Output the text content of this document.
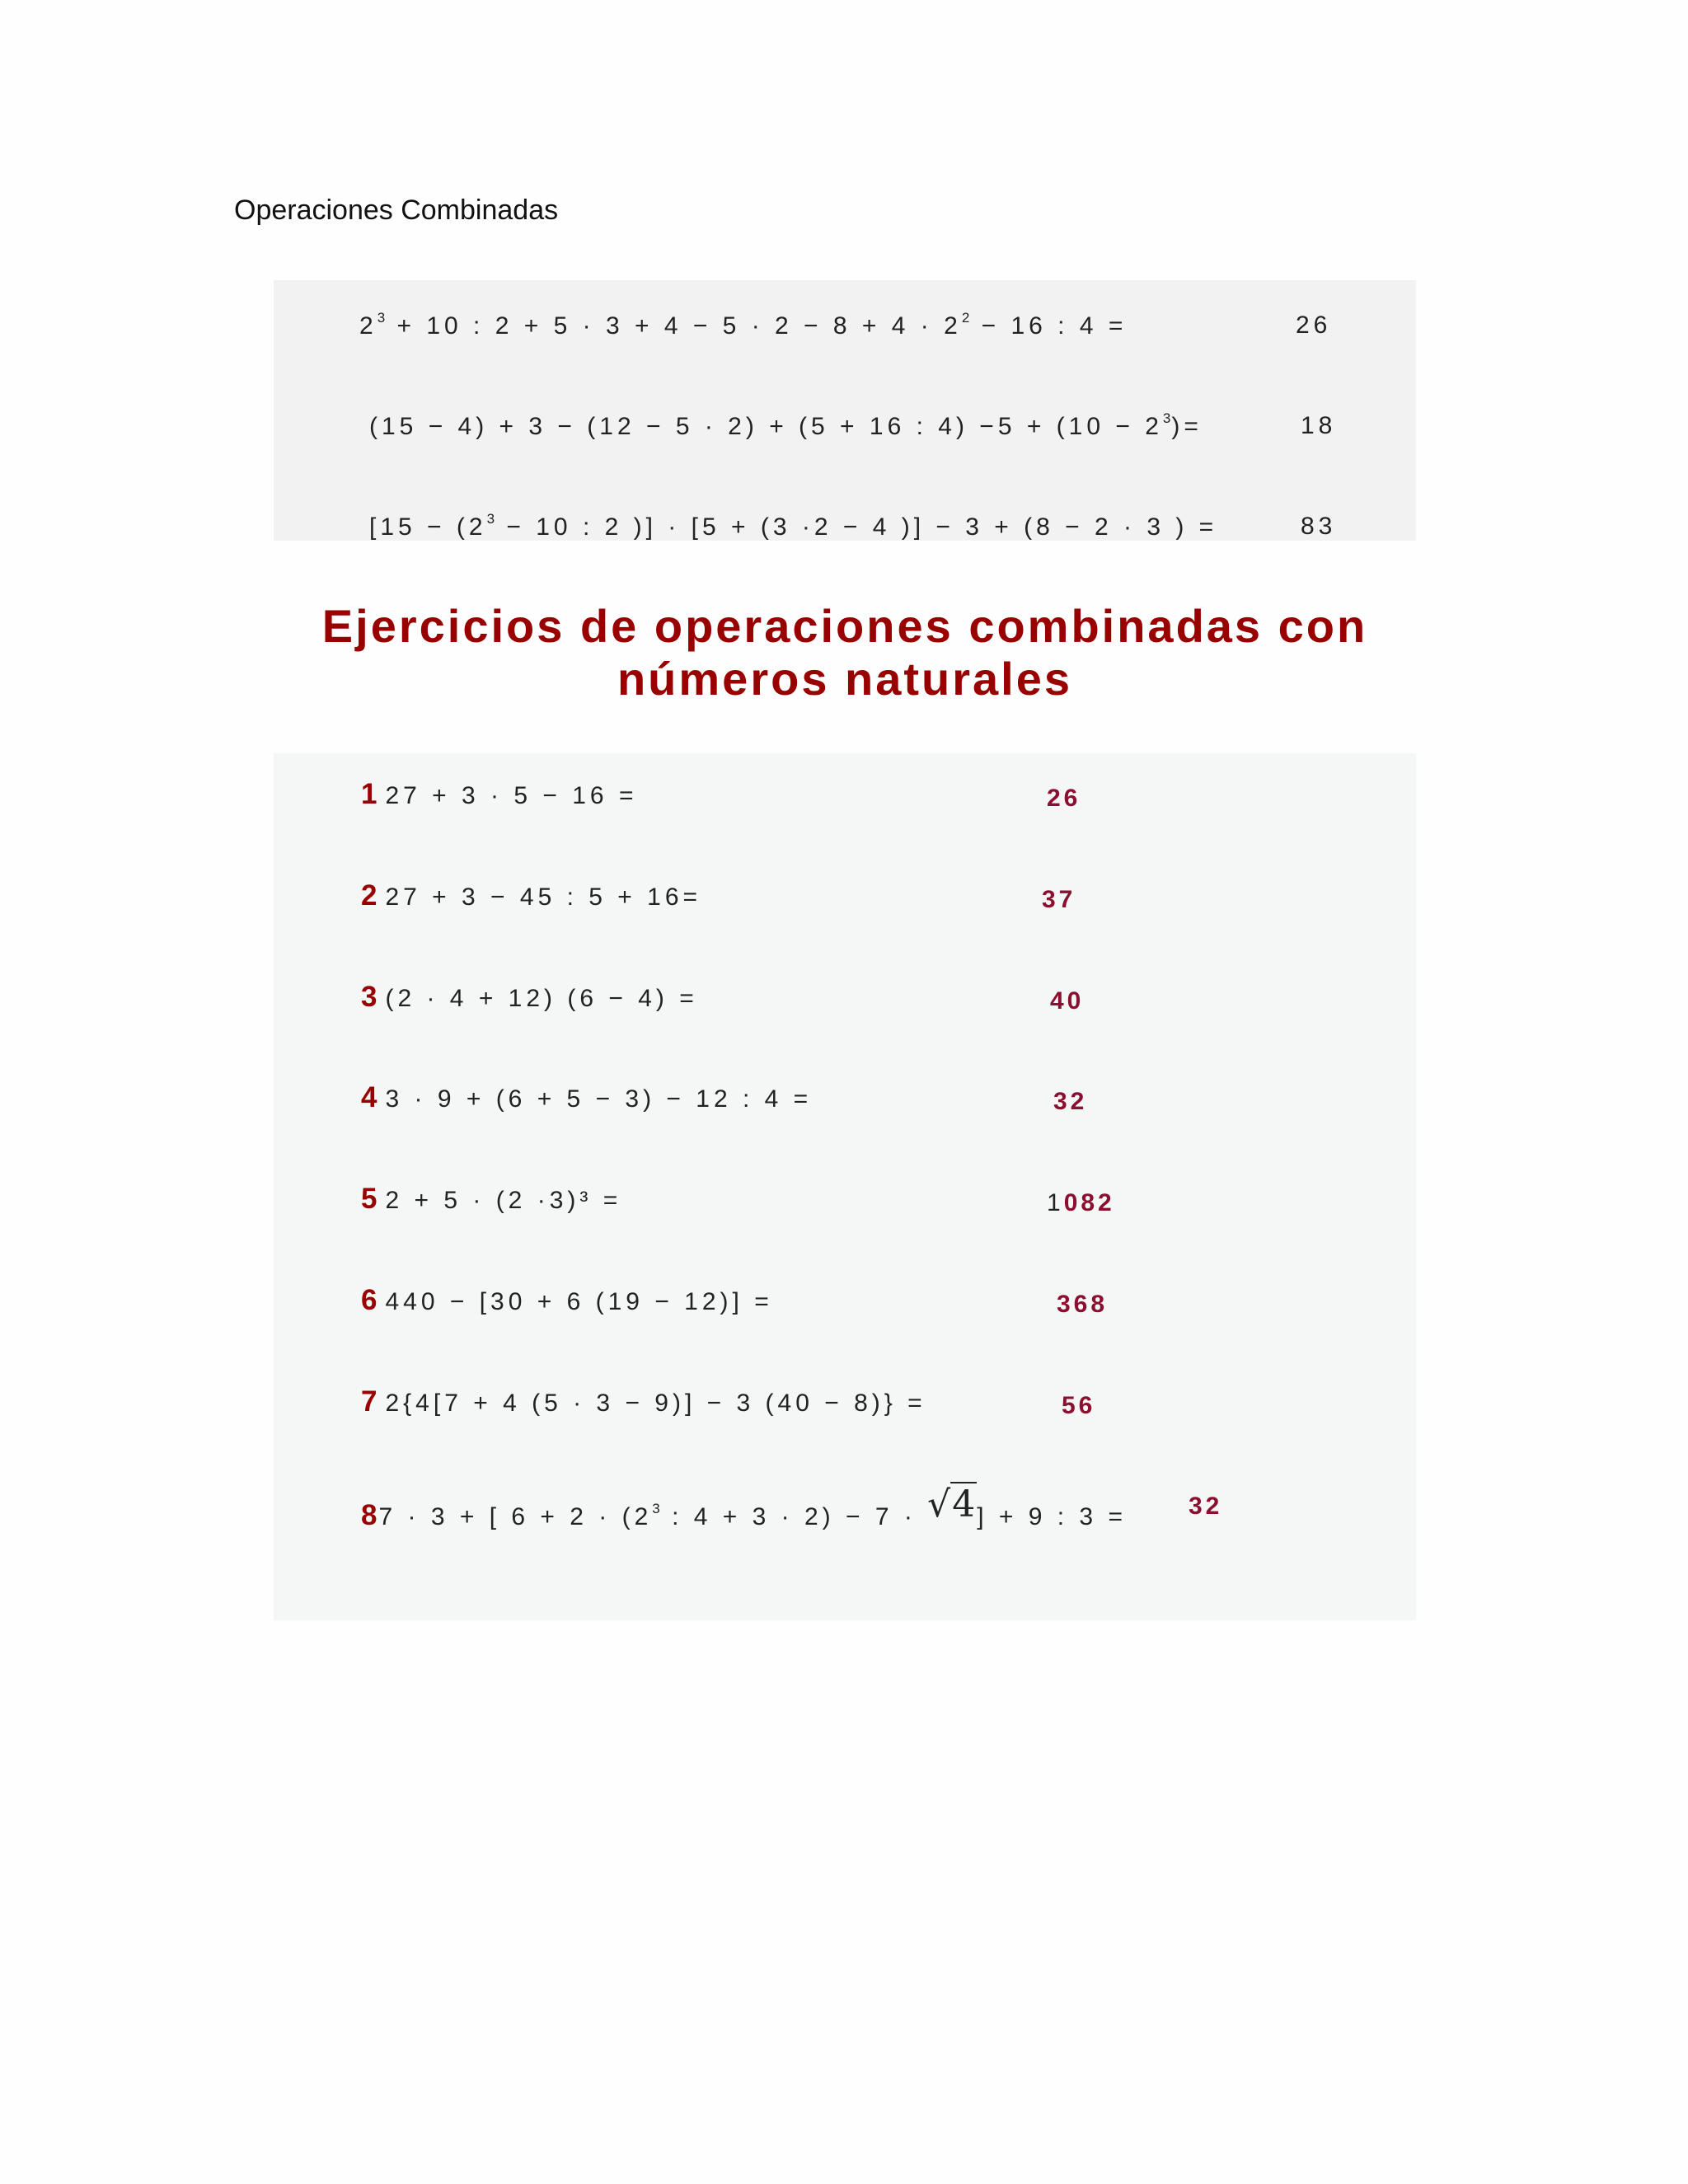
Operaciones Combinadas
$2^3 + 10$ : $2 + 5 \cdot 3 + 4 - 5 \cdot 2 - 8 + 4 \cdot 2^2 - 16$ : 4 =	26
(15 − 4) + 3 − (12 − 5 · 2) + (5 + 16 : $4) -5 + (10 - 2^3)=$	18
[$15 - (2^3 - 10$ : 2 )] · [5 + (3 ·2 − 4 )] − 3 + (8 − 2 · 3 ) =	83
Ejercicios de operaciones combinadas con
números naturales
1 27 + 3 · 5 − 16 =	26
2 27 + 3 − 45 : 5 + 16=	37
3 (2 · 4 + 12) (6 − 4) =	40
4 3 · 9 + (6 + 5 − 3) − 12 : 4 =	32
5 2 + 5 · (2 ·3)³ =	1082
6 440 − [30 + 6 (19 − 12)] =	368
7 2{4[7 + 4 (5 · 3 − 9)] − 3 (40 − 8)} =	56
87 · 3 + [ $6 + 2 \cdot (2^3$ : 4 + 3 · 2) − 7 · √4] + 9 : 3 =	32
